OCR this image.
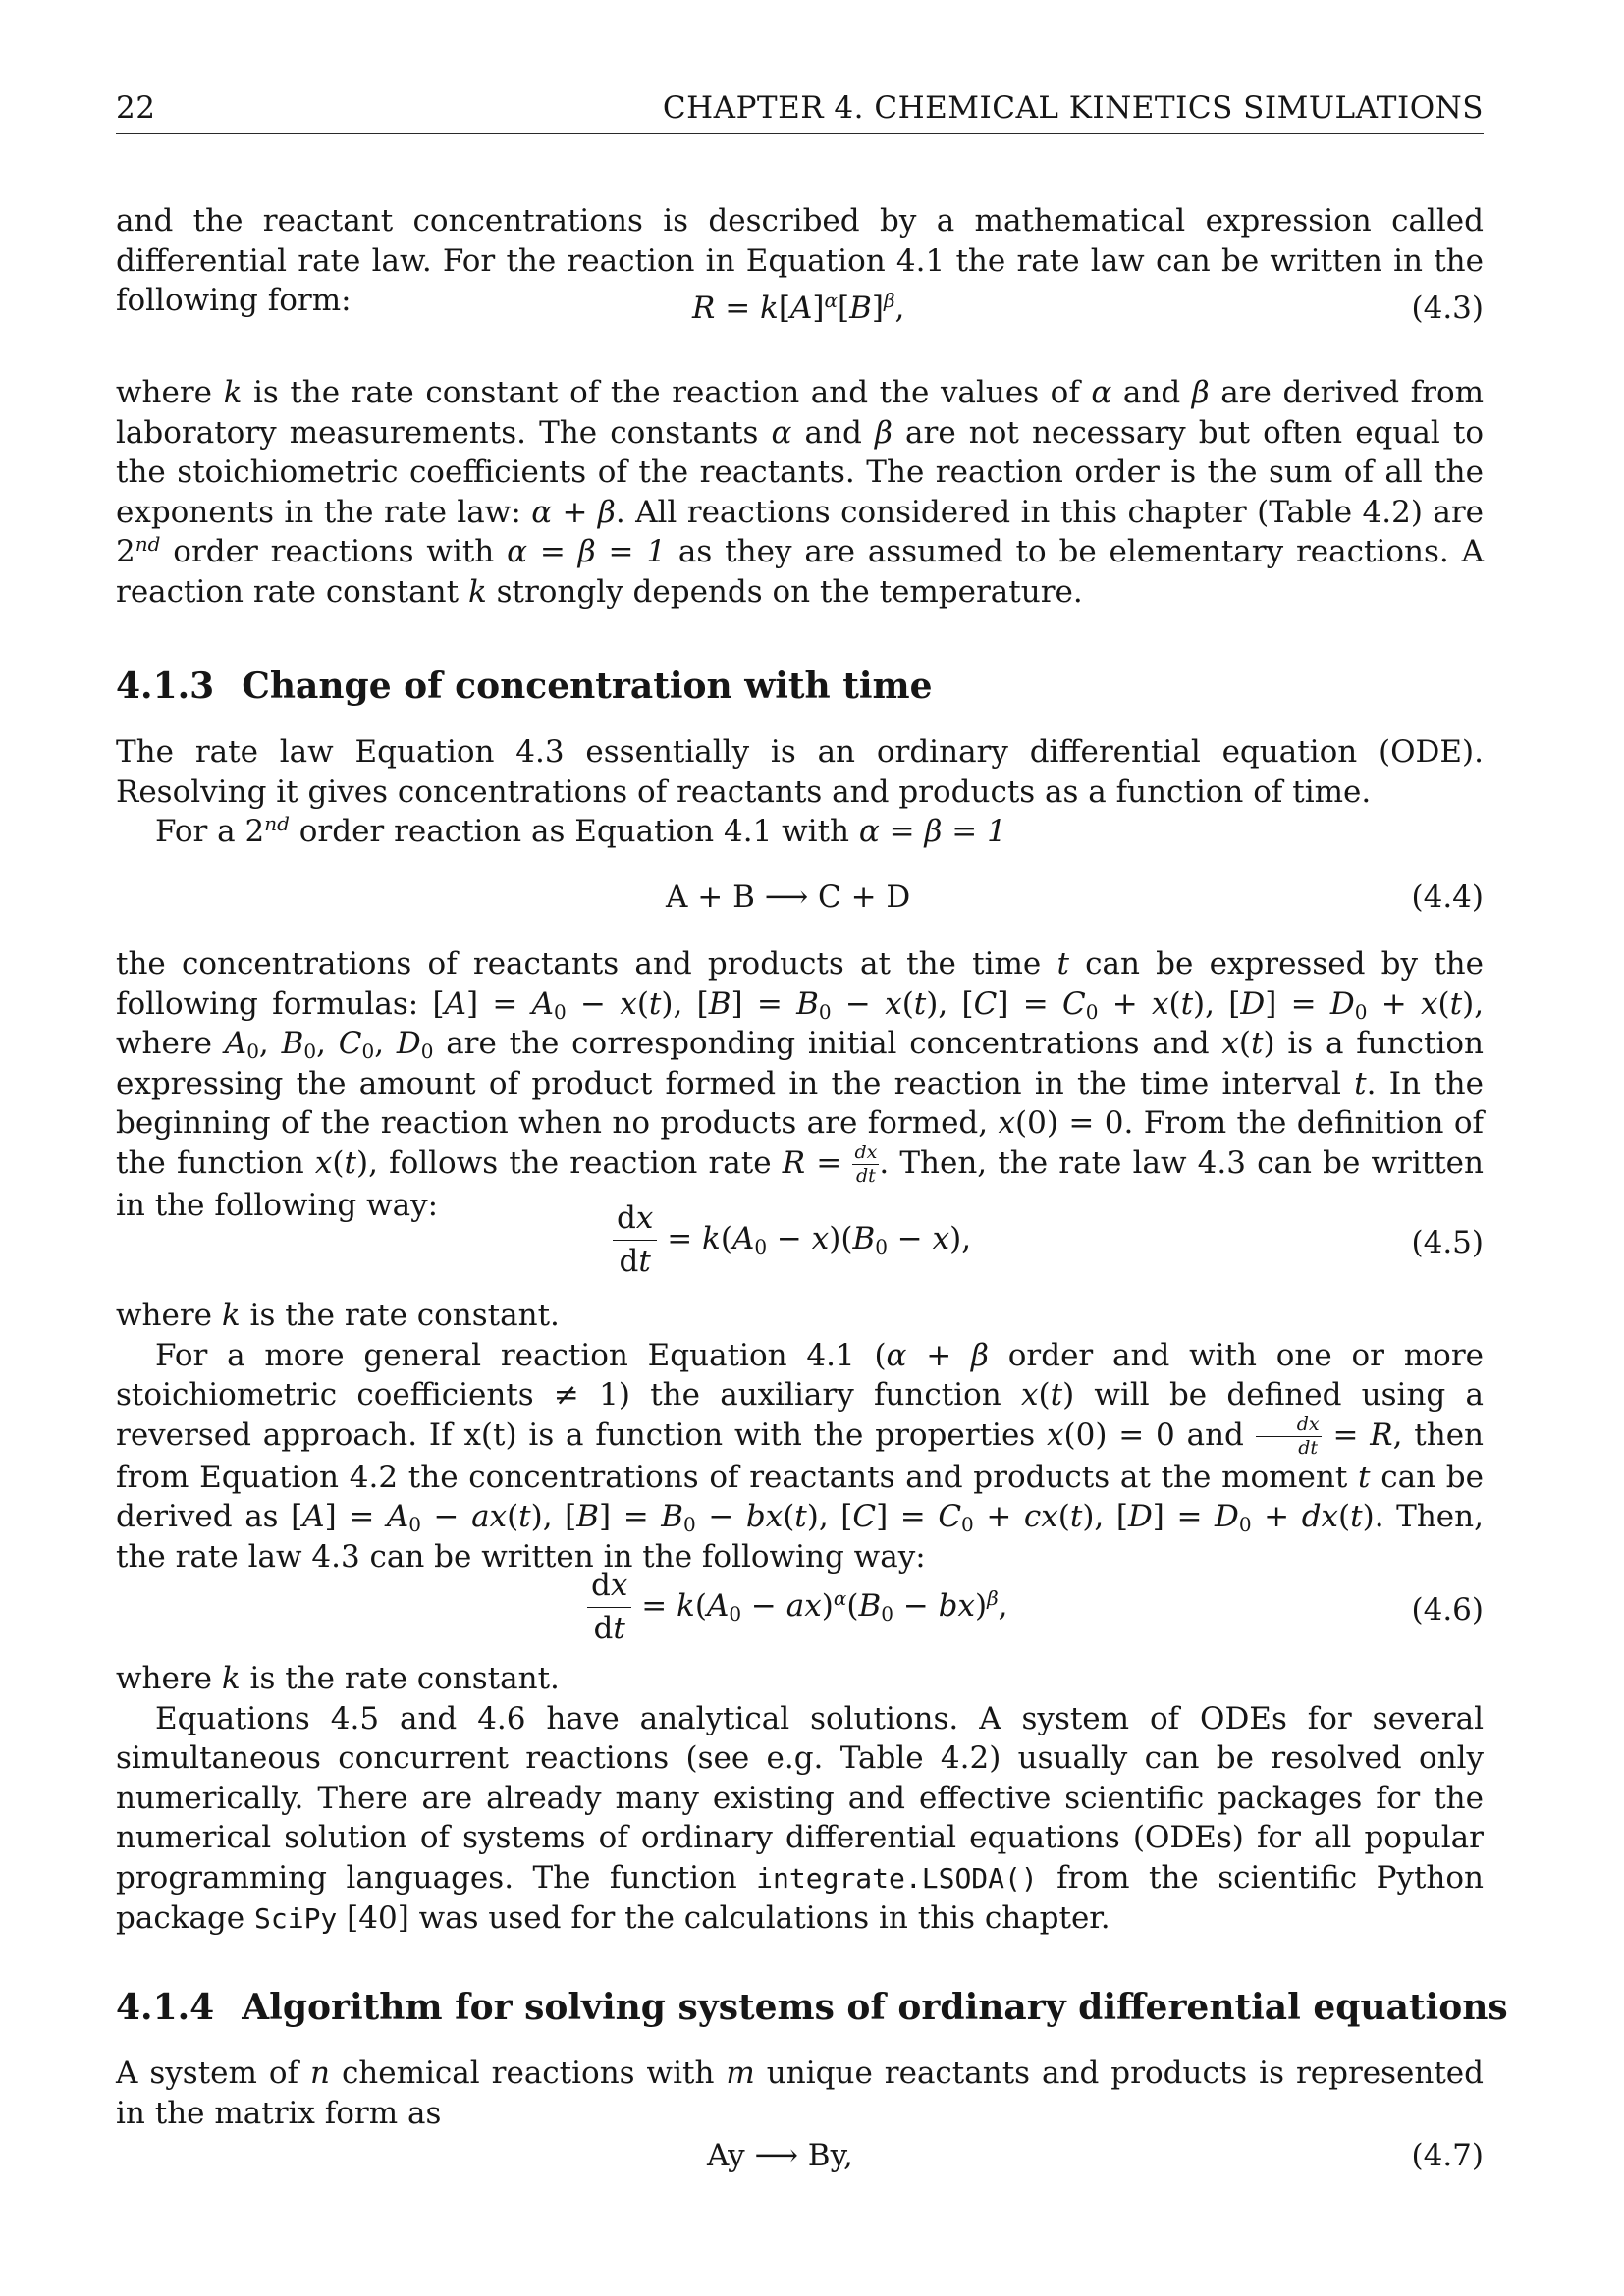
22	CHAPTER 4. CHEMICAL KINETICS SIMULATIONS

and the reactant concentrations is described by a mathematical expression called differential rate law. For the reaction in Equation 4.1 the rate law can be written in the following form:	$R = k[A]^\alpha[B]^\beta$,	(4.3)

where k is the rate constant of the reaction and the values of α and β are derived from laboratory measurements. The constants α and β are not necessary but often equal to the stoichiometric coefficients of the reactants. The reaction order is the sum of all the exponents in the rate law: α + β. All reactions considered in this chapter (Table 4.2) are 2nd order reactions with α = β = 1 as they are assumed to be elementary reactions. A reaction rate constant k strongly depends on the temperature.

4.1.3 Change of concentration with time

The rate law Equation 4.3 essentially is an ordinary differential equation (ODE). Resolving it gives concentrations of reactants and products as a function of time.

For a 2nd order reaction as Equation 4.1 with α = β = 1

A + B ⟶ C + D	(4.4)

the concentrations of reactants and products at the time t can be expressed by the following formulas: $[A] = A_0 - x(t)$, $[B] = B_0 - x(t)$, $[C] = C_0 + x(t)$, $[D] = D_0 + x(t)$, where $A_0$, $B_0$, $C_0$, $D_0$ are the corresponding initial concentrations and x(t) is a function expressing the amount of product formed in the reaction in the time interval t. In the beginning of the reaction when no products are formed, x(0) = 0. From the definition of the function x(t), follows the reaction rate $R = \frac{dx}{dt}$ . Then, the rate law 4.3 can be written in the following way:	$\frac{dx}{dt} = k(A_0 - x)(B_0 - x)$,	(4.5)

where k is the rate constant.

For a more general reaction Equation 4.1 (α + β order and with one or more stoichiometric coefficients ≠ 1) the auxiliary function x(t) will be defined using a reversed approach. If x(t) is a function with the properties x(0) = 0 and $\frac{dx}{dt} = R$, then from Equation 4.2 the concentrations of reactants and products at the moment t can be derived as $[A] = A_0 - ax(t)$, $[B] = B_0 - bx(t)$, $[C] = C_0 + cx(t)$, $[D] = D_0 + dx(t)$. Then, the rate law 4.3 can be written in the following way:

$\frac{dx}{dt} = k(A_0 - ax)^\alpha(B_0 - bx)^\beta$,	(4.6)

where k is the rate constant.

Equations 4.5 and 4.6 have analytical solutions. A system of ODEs for several simultaneous concurrent reactions (see e.g. Table 4.2) usually can be resolved only numerically. There are already many existing and effective scientific packages for the numerical solution of systems of ordinary differential equations (ODEs) for all popular programming languages. The function integrate.LSODA() from the scientific Python package SciPy [40] was used for the calculations in this chapter.

4.1.4 Algorithm for solving systems of ordinary differential equations

A system of n chemical reactions with m unique reactants and products is represented in the matrix form as

Ay ⟶ By,	(4.7)
